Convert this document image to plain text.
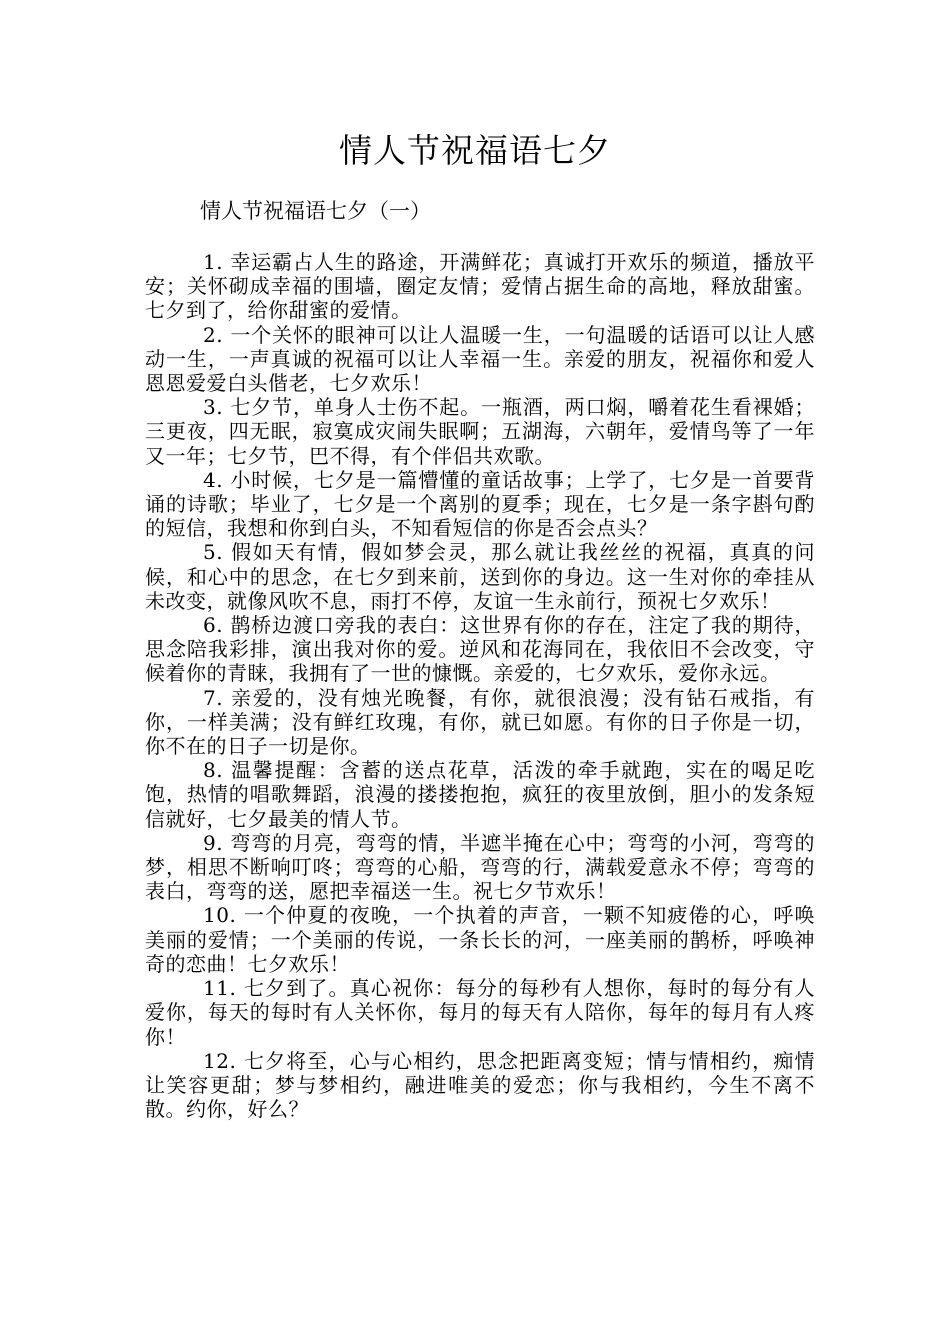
情人节祝福语七夕
情人节祝福语七夕（一）

1. 幸运霸占人生的路途，开满鲜花；真诚打开欢乐的频道，播放平安；关怀砌成幸福的围墙，圈定友情；爱情占据生命的高地，释放甜蜜。七夕到了，给你甜蜜的爱情。

2. 一个关怀的眼神可以让人温暖一生，一句温暖的话语可以让人感动一生，一声真诚的祝福可以让人幸福一生。亲爱的朋友，祝福你和爱人恩恩爱爱白头偕老，七夕欢乐！

3. 七夕节，单身人士伤不起。一瓶酒，两口焖，嚼着花生看裸婚；三更夜，四无眠，寂寞成灾闹失眠啊；五湖海，六朝年，爱情鸟等了一年又一年；七夕节，巴不得，有个伴侣共欢歌。

4. 小时候，七夕是一篇懵懂的童话故事；上学了，七夕是一首要背诵的诗歌；毕业了，七夕是一个离别的夏季；现在，七夕是一条字斟句酌的短信，我想和你到白头，不知看短信的你是否会点头？

5. 假如天有情，假如梦会灵，那么就让我丝丝的祝福，真真的问候，和心中的思念，在七夕到来前，送到你的身边。这一生对你的牵挂从未改变，就像风吹不息，雨打不停，友谊一生永前行，预祝七夕欢乐！

6. 鹊桥边渡口旁我的表白：这世界有你的存在，注定了我的期待，思念陪我彩排，演出我对你的爱。逆风和花海同在，我依旧不会改变，守候着你的青睐，我拥有了一世的慷慨。亲爱的，七夕欢乐，爱你永远。

7. 亲爱的，没有烛光晚餐，有你，就很浪漫；没有钻石戒指，有你，一样美满；没有鲜红玫瑰，有你，就已如愿。有你的日子你是一切，你不在的日子一切是你。

8. 温馨提醒：含蓄的送点花草，活泼的牵手就跑，实在的喝足吃饱，热情的唱歌舞蹈，浪漫的搂搂抱抱，疯狂的夜里放倒，胆小的发条短信就好，七夕最美的情人节。

9. 弯弯的月亮，弯弯的情，半遮半掩在心中；弯弯的小河，弯弯的梦，相思不断响叮咚；弯弯的心船，弯弯的行，满载爱意永不停；弯弯的表白，弯弯的送，愿把幸福送一生。祝七夕节欢乐！

10. 一个仲夏的夜晚，一个执着的声音，一颗不知疲倦的心，呼唤美丽的爱情；一个美丽的传说，一条长长的河，一座美丽的鹊桥，呼唤神奇的恋曲！七夕欢乐！

11. 七夕到了。真心祝你：每分的每秒有人想你，每时的每分有人爱你，每天的每时有人关怀你，每月的每天有人陪你，每年的每月有人疼你！

12. 七夕将至，心与心相约，思念把距离变短；情与情相约，痴情让笑容更甜；梦与梦相约，融进唯美的爱恋；你与我相约，今生不离不散。约你，好么？
